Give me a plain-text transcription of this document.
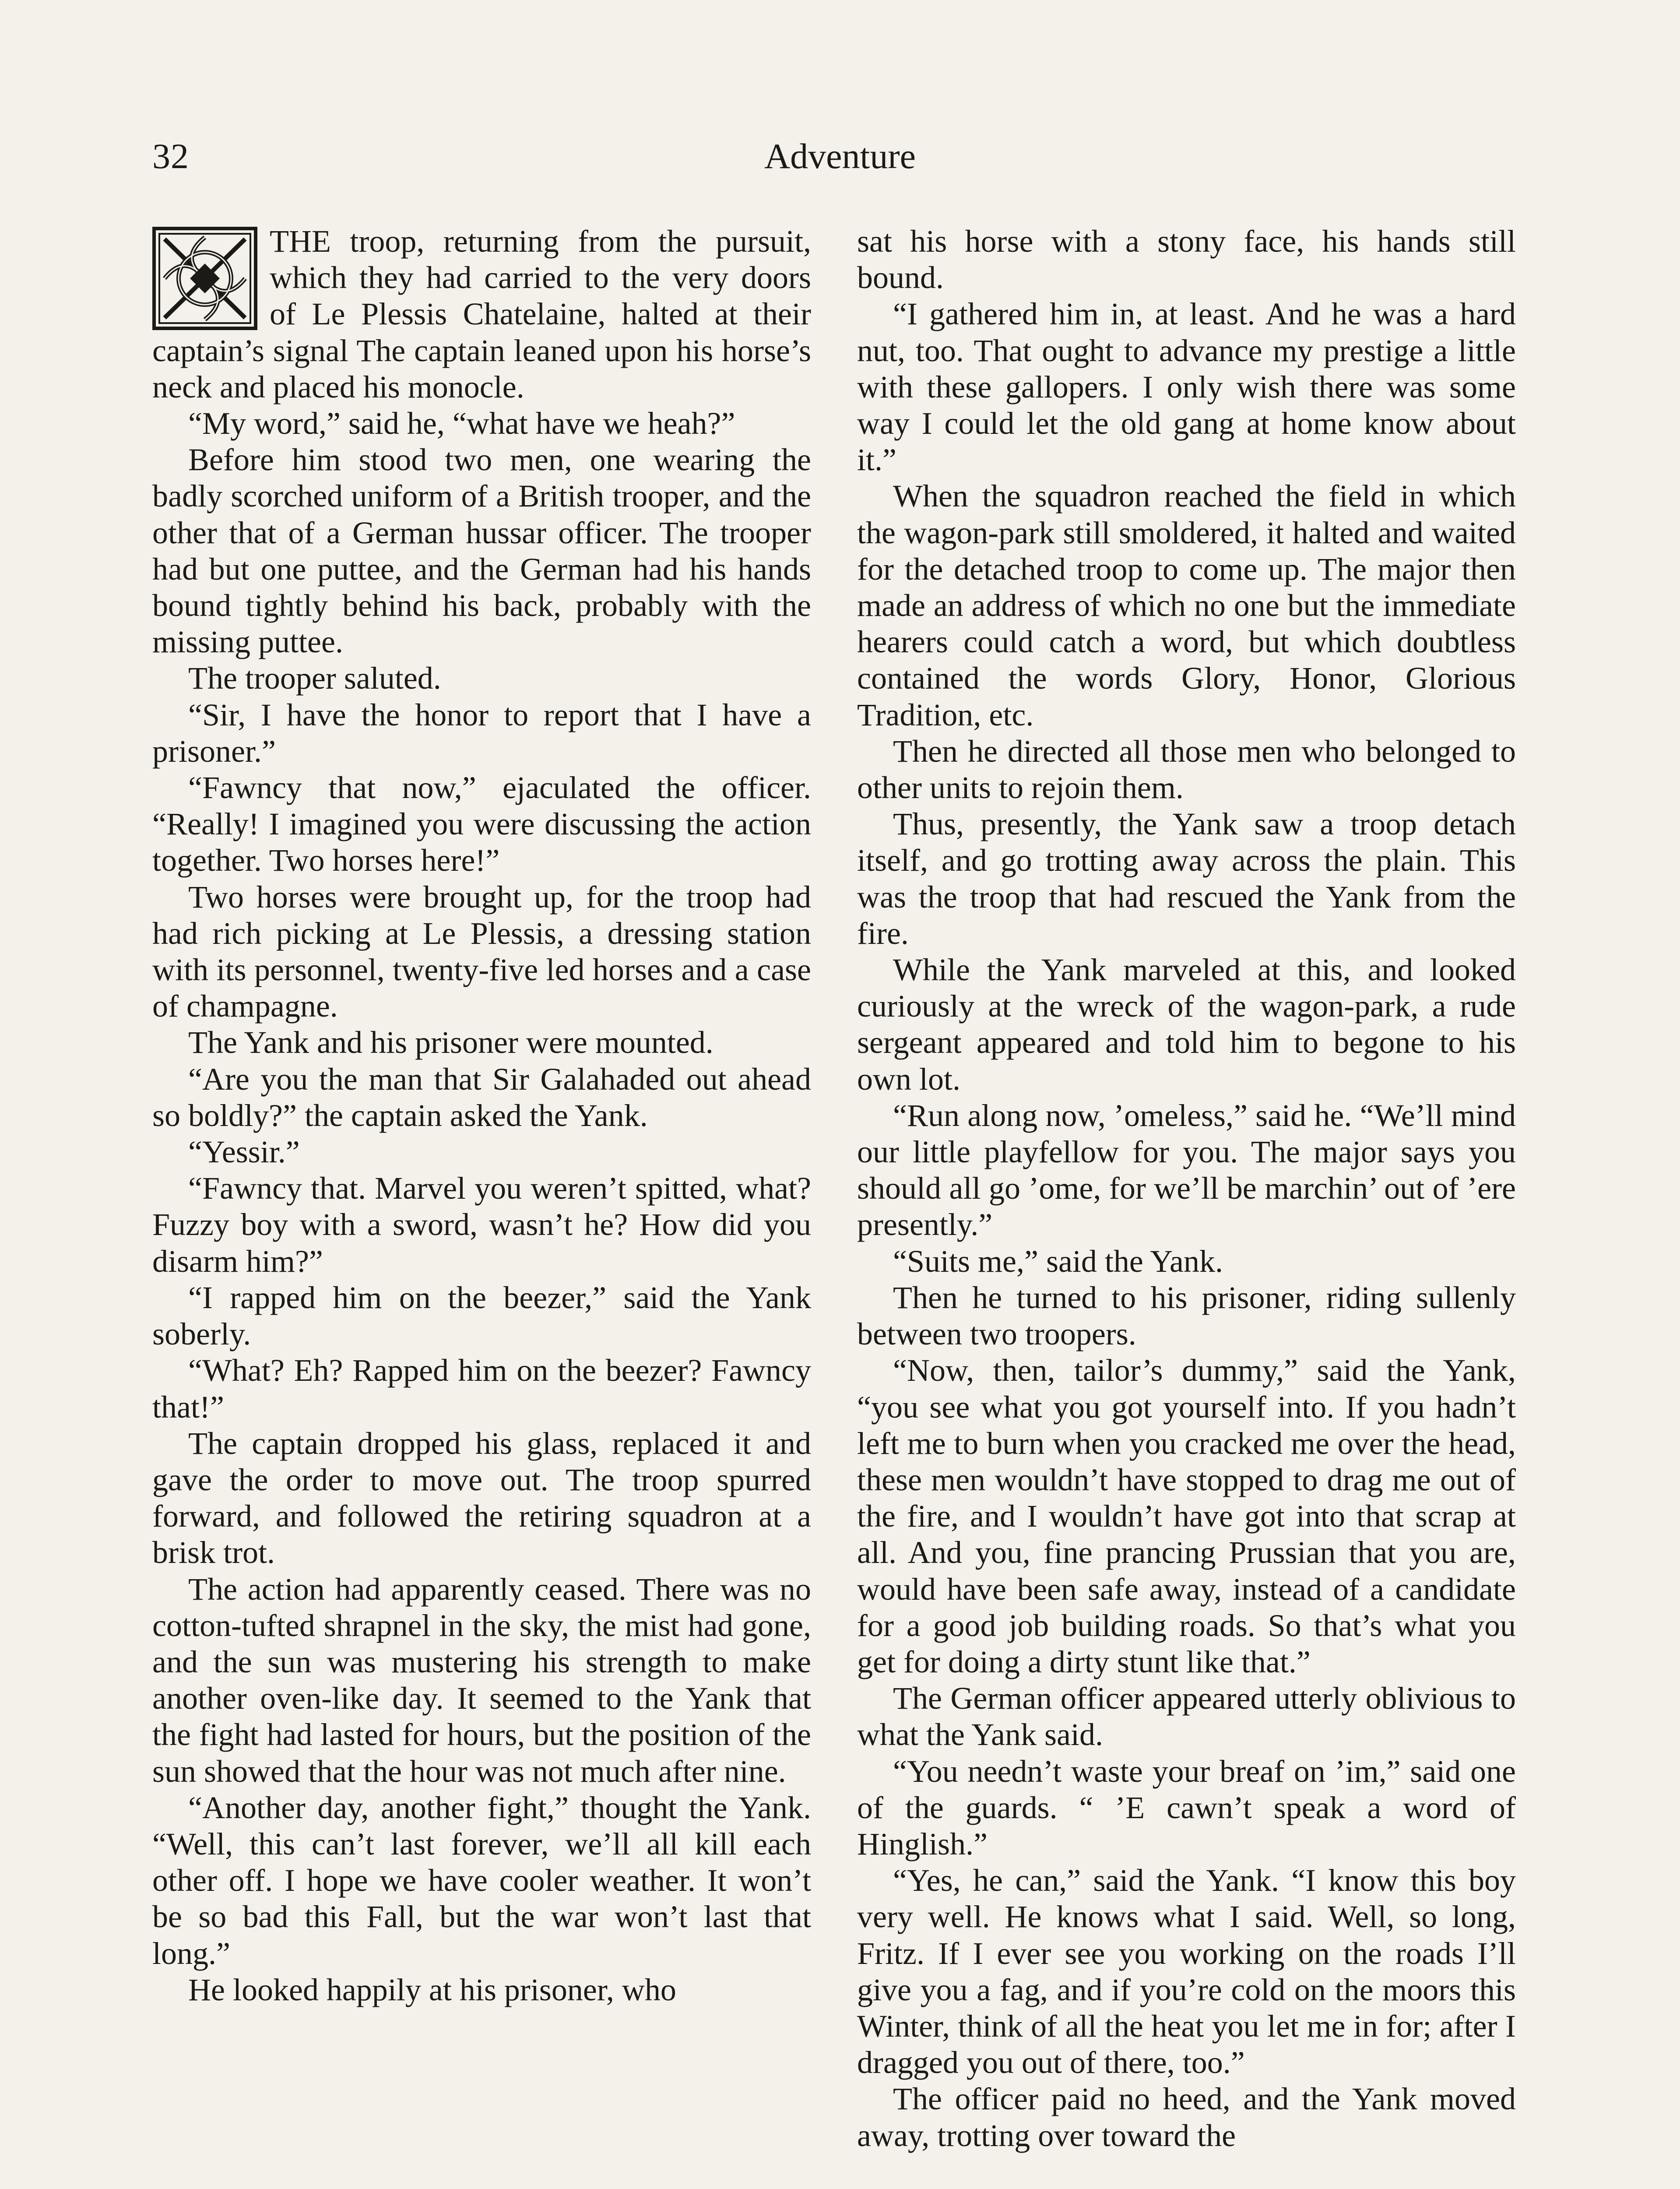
32	Adventure

THE troop, returning from the pursuit, which they had carried to the very doors of Le Plessis Chatelaine, halted at their captain’s signal The captain leaned upon his horse’s neck and placed his monocle.

“My word,” said he, “what have we heah?”

Before him stood two men, one wearing the badly scorched uniform of a British trooper, and the other that of a German hussar officer. The trooper had but one puttee, and the German had his hands bound tightly behind his back, probably with the missing puttee.

The trooper saluted.

“Sir, I have the honor to report that I have a prisoner.”

“Fawncy that now,” ejaculated the officer. “Really! I imagined you were discussing the action together. Two horses here!”

Two horses were brought up, for the troop had had rich picking at Le Plessis, a dressing station with its personnel, twenty-five led horses and a case of champagne.

The Yank and his prisoner were mounted.

“Are you the man that Sir Galahaded out ahead so boldly?” the captain asked the Yank.

“Yessir.”

“Fawncy that. Marvel you weren’t spitted, what? Fuzzy boy with a sword, wasn’t he? How did you disarm him?”

“I rapped him on the beezer,” said the Yank soberly.

“What? Eh? Rapped him on the beezer? Fawncy that!”

The captain dropped his glass, replaced it and gave the order to move out. The troop spurred forward, and followed the retiring squadron at a brisk trot.

The action had apparently ceased. There was no cotton-tufted shrapnel in the sky, the mist had gone, and the sun was mustering his strength to make another oven-like day. It seemed to the Yank that the fight had lasted for hours, but the position of the sun showed that the hour was not much after nine.

“Another day, another fight,” thought the Yank. “Well, this can’t last forever, we’ll all kill each other off. I hope we have cooler weather. It won’t be so bad this Fall, but the war won’t last that long.”

He looked happily at his prisoner, who

sat his horse with a stony face, his hands still bound.

“I gathered him in, at least. And he was a hard nut, too. That ought to advance my prestige a little with these gallopers. I only wish there was some way I could let the old gang at home know about it.”

When the squadron reached the field in which the wagon-park still smoldered, it halted and waited for the detached troop to come up. The major then made an address of which no one but the immediate hearers could catch a word, but which doubtless contained the words Glory, Honor, Glorious Tradition, etc.

Then he directed all those men who belonged to other units to rejoin them.

Thus, presently, the Yank saw a troop detach itself, and go trotting away across the plain. This was the troop that had rescued the Yank from the fire.

While the Yank marveled at this, and looked curiously at the wreck of the wagon-park, a rude sergeant appeared and told him to begone to his own lot.

“Run along now, ’omeless,” said he. “We’ll mind our little playfellow for you. The major says you should all go ’ome, for we’ll be marchin’ out of ’ere presently.”

“Suits me,” said the Yank.

Then he turned to his prisoner, riding sullenly between two troopers.

“Now, then, tailor’s dummy,” said the Yank, “you see what you got yourself into. If you hadn’t left me to burn when you cracked me over the head, these men wouldn’t have stopped to drag me out of the fire, and I wouldn’t have got into that scrap at all. And you, fine prancing Prussian that you are, would have been safe away, instead of a candidate for a good job building roads. So that’s what you get for doing a dirty stunt like that.”

The German officer appeared utterly oblivious to what the Yank said.

“You needn’t waste your breaf on ’im,” said one of the guards. “ ’E cawn’t speak a word of Hinglish.”

“Yes, he can,” said the Yank. “I know this boy very well. He knows what I said. Well, so long, Fritz. If I ever see you working on the roads I’ll give you a fag, and if you’re cold on the moors this Winter, think of all the heat you let me in for; after I dragged you out of there, too.”

The officer paid no heed, and the Yank moved away, trotting over toward the
